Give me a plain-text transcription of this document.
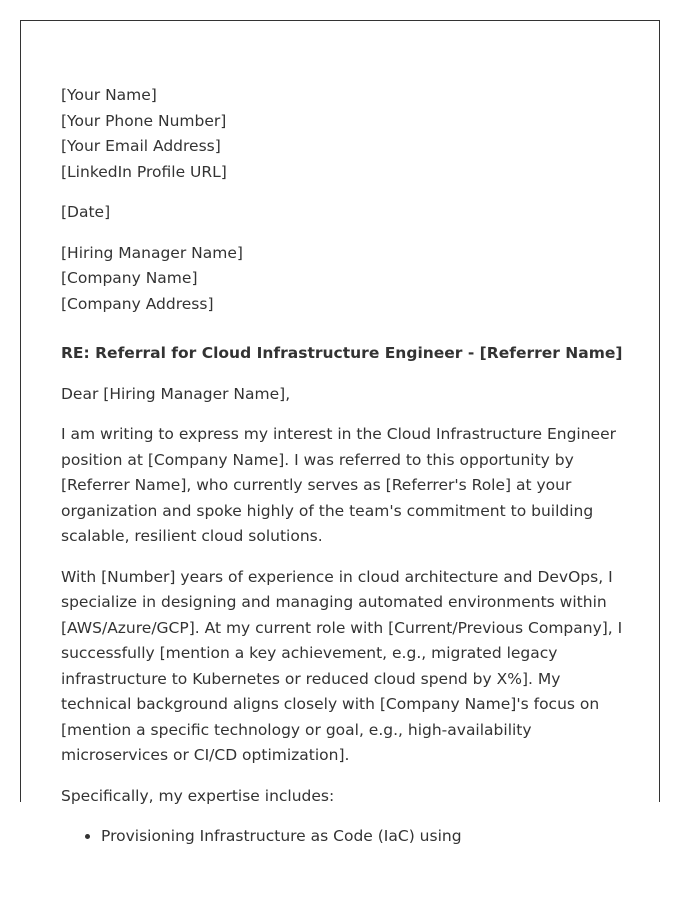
[Your Name]
[Your Phone Number]
[Your Email Address]
[LinkedIn Profile URL]
[Date]
[Hiring Manager Name]
[Company Name]
[Company Address]
RE: Referral for Cloud Infrastructure Engineer - [Referrer Name]

Dear [Hiring Manager Name],

I am writing to express my interest in the Cloud Infrastructure Engineer position at [Company Name]. I was referred to this opportunity by [Referrer Name], who currently serves as [Referrer's Role] at your organization and spoke highly of the team's commitment to building scalable, resilient cloud solutions.

With [Number] years of experience in cloud architecture and DevOps, I specialize in designing and managing automated environments within [AWS/Azure/GCP]. At my current role with [Current/Previous Company], I successfully [mention a key achievement, e.g., migrated legacy infrastructure to Kubernetes or reduced cloud spend by X%]. My technical background aligns closely with [Company Name]'s focus on [mention a specific technology or goal, e.g., high-availability microservices or CI/CD optimization].

Specifically, my expertise includes:

• Provisioning Infrastructure as Code (IaC) using
